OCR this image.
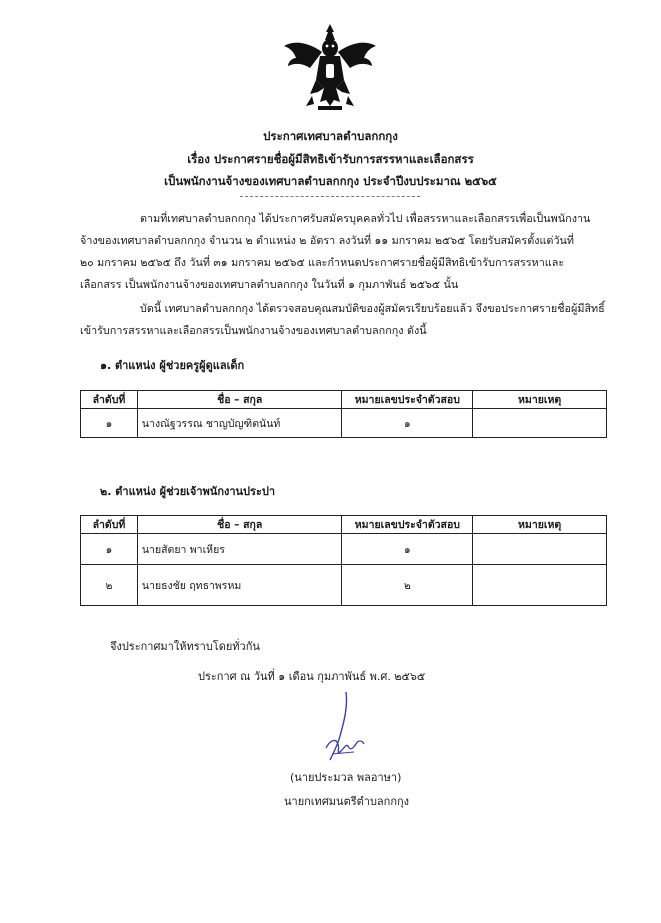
ประกาศเทศบาลตำบลกกกุง
เรื่อง ประกาศรายชื่อผู้มีสิทธิเข้ารับการสรรหาและเลือกสรร
เป็นพนักงานจ้างของเทศบาลตำบลกกกุง ประจำปีงบประมาณ ๒๕๖๕
ตามที่เทศบาลตำบลกกกุง ได้ประกาศรับสมัครบุคคลทั่วไป เพื่อสรรหาและเลือกสรรเพื่อเป็นพนักงาน
จ้างของเทศบาลตำบลกกกุง จำนวน ๒ ตำแหน่ง ๒ อัตรา ลงวันที่ ๑๑ มกราคม ๒๕๖๕ โดยรับสมัครตั้งแต่วันที่
๒๐ มกราคม ๒๕๖๕ ถึง วันที่ ๓๑ มกราคม ๒๕๖๕ และกำหนดประกาศรายชื่อผู้มีสิทธิเข้ารับการสรรหาและ
เลือกสรร เป็นพนักงานจ้างของเทศบาลตำบลกกกุง ในวันที่ ๑ กุมภาพันธ์ ๒๕๖๕ นั้น
บัดนี้ เทศบาลตำบลกกกุง ได้ตรวจสอบคุณสมบัติของผู้สมัครเรียบร้อยแล้ว จึงขอประกาศรายชื่อผู้มีสิทธิ์
เข้ารับการสรรหาและเลือกสรรเป็นพนักงานจ้างของเทศบาลตำบลกกกุง ดังนี้
๑. ตำแหน่ง ผู้ช่วยครูผู้ดูแลเด็ก
ลำดับที่	ชื่อ – สกุล	หมายเลขประจำตัวสอบ	หมายเหตุ
๑	นางณัฐวรรณ ชาญบัญฑิตนันท์	๑	
๒. ตำแหน่ง ผู้ช่วยเจ้าพนักงานประปา
ลำดับที่	ชื่อ – สกุล	หมายเลขประจำตัวสอบ	หมายเหตุ
๑	นายสัตยา พาเหียร	๑	
๒	นายธงชัย ฤทธาพรหม	๒	
จึงประกาศมาให้ทราบโดยทั่วกัน
ประกาศ ณ วันที่ ๑ เดือน กุมภาพันธ์ พ.ศ. ๒๕๖๕
(นายประมวล พลอาษา)
นายกเทศมนตรีตำบลกกกุง
